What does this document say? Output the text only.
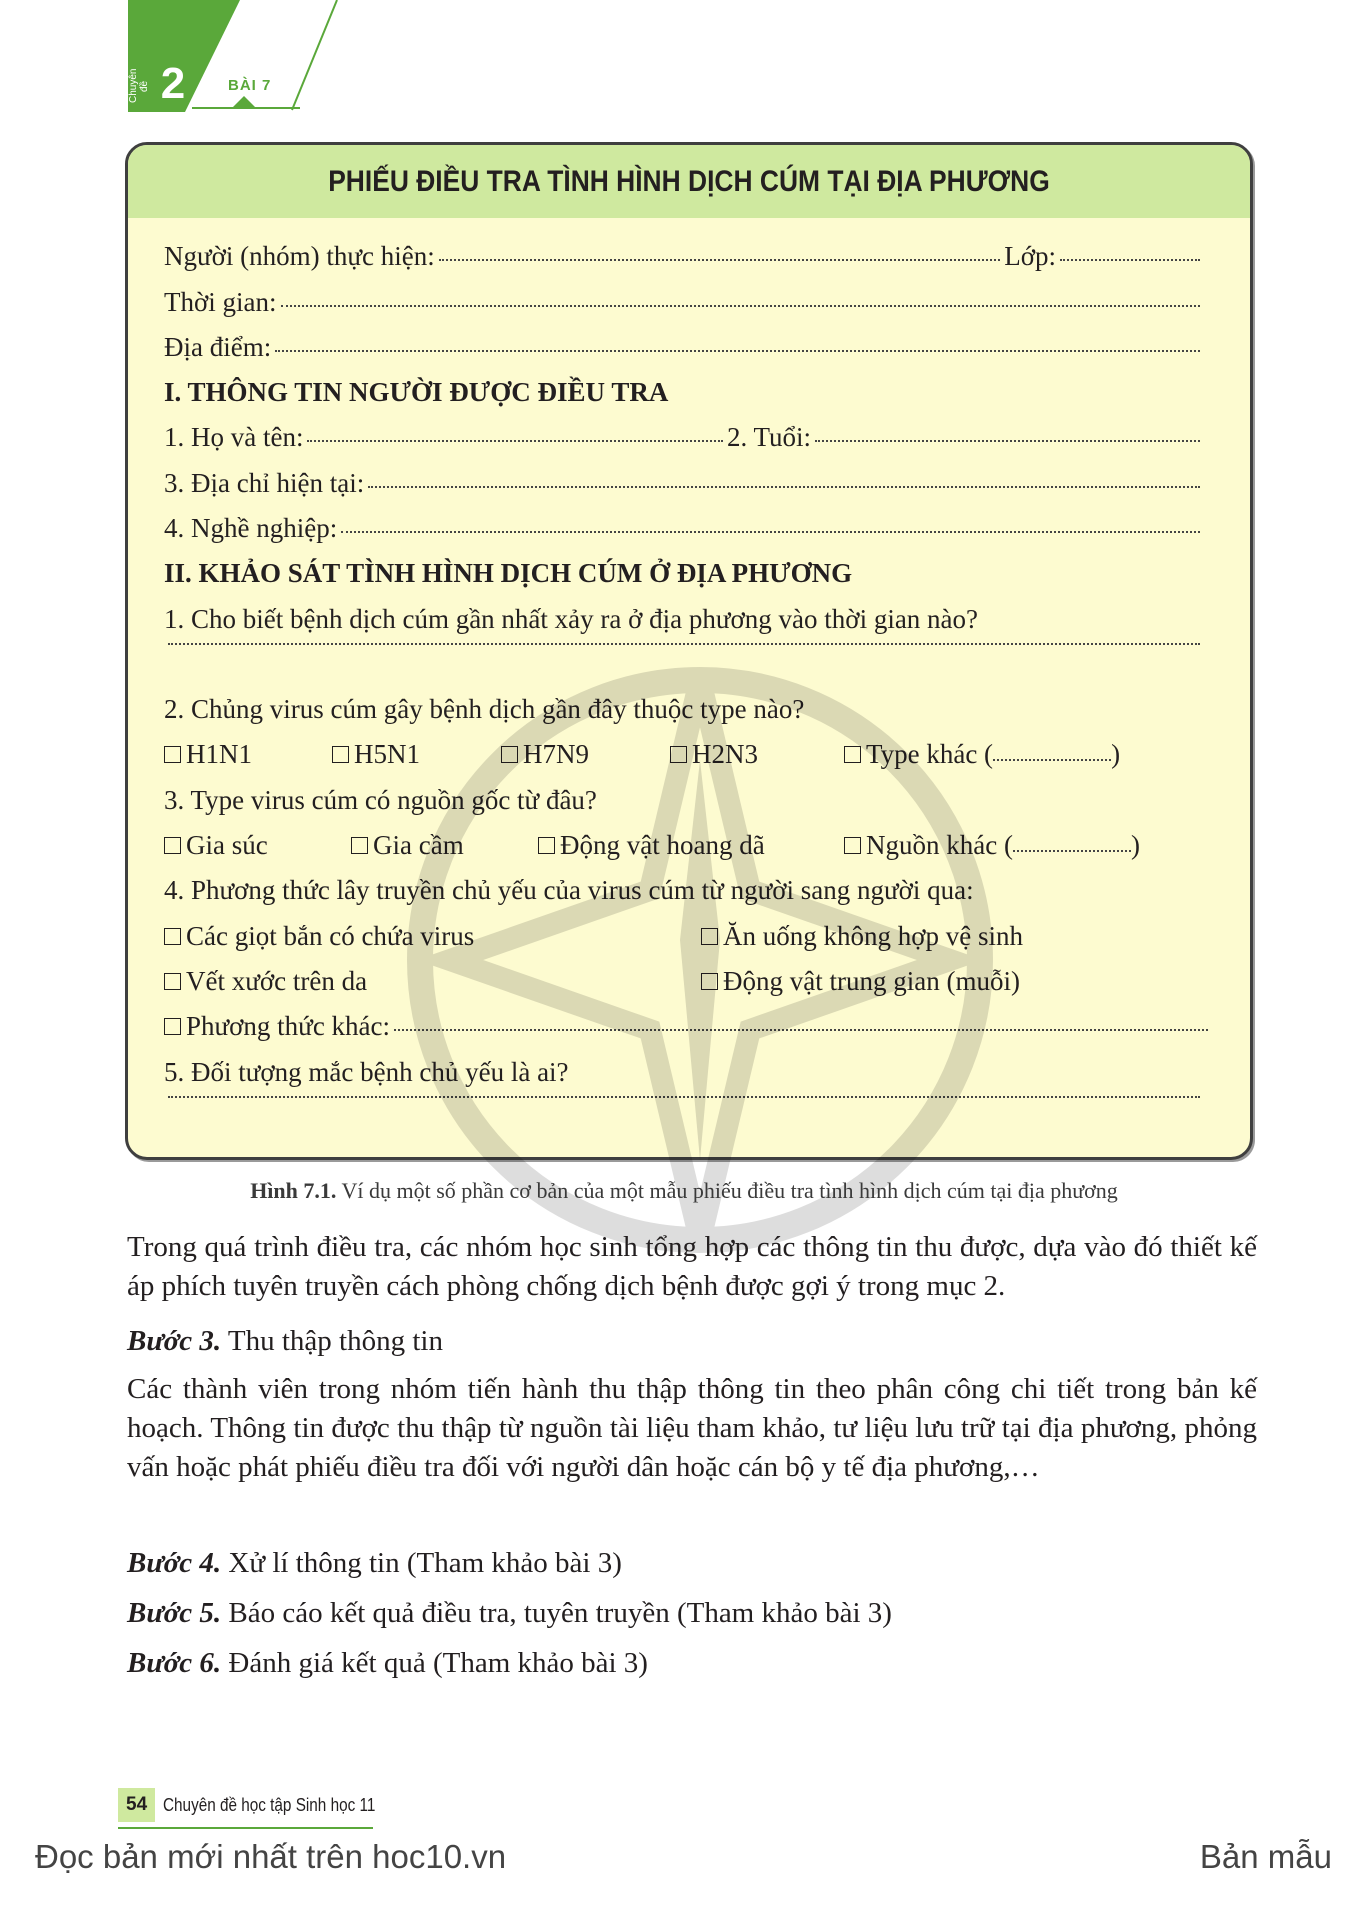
Chuyên đề 2	BÀI 7
PHIẾU ĐIỀU TRA TÌNH HÌNH DỊCH CÚM TẠI ĐỊA PHƯƠNG
Người (nhóm) thực hiện:	Lớp:
Thời gian:
Địa điểm:
I. THÔNG TIN NGƯỜI ĐƯỢC ĐIỀU TRA
1. Họ và tên:	2. Tuổi:
3. Địa chỉ hiện tại:
4. Nghề nghiệp:
II. KHẢO SÁT TÌNH HÌNH DỊCH CÚM Ở ĐỊA PHƯƠNG
1. Cho biết bệnh dịch cúm gần nhất xảy ra ở địa phương vào thời gian nào?
2. Chủng virus cúm gây bệnh dịch gần đây thuộc type nào?
H1N1	H5N1	H7N9	H2N3	Type khác (	)
3. Type virus cúm có nguồn gốc từ đâu?
Gia súc	Gia cầm	Động vật hoang dã	Nguồn khác (	)
4. Phương thức lây truyền chủ yếu của virus cúm từ người sang người qua:
Các giọt bắn có chứa virus	Ăn uống không hợp vệ sinh
Vết xước trên da	Động vật trung gian (muỗi)
Phương thức khác:
5. Đối tượng mắc bệnh chủ yếu là ai?
Hình 7.1. Ví dụ một số phần cơ bản của một mẫu phiếu điều tra tình hình dịch cúm tại địa phương
Trong quá trình điều tra, các nhóm học sinh tổng hợp các thông tin thu được, dựa vào đó thiết kế áp phích tuyên truyền cách phòng chống dịch bệnh được gợi ý trong mục 2.
Bước 3. Thu thập thông tin
Các thành viên trong nhóm tiến hành thu thập thông tin theo phân công chi tiết trong bản kế hoạch. Thông tin được thu thập từ nguồn tài liệu tham khảo, tư liệu lưu trữ tại địa phương, phỏng vấn hoặc phát phiếu điều tra đối với người dân hoặc cán bộ y tế địa phương,…
Bước 4. Xử lí thông tin (Tham khảo bài 3)
Bước 5. Báo cáo kết quả điều tra, tuyên truyền (Tham khảo bài 3)
Bước 6. Đánh giá kết quả (Tham khảo bài 3)
54 Chuyên đề học tập Sinh học 11
Đọc bản mới nhất trên hoc10.vn	Bản mẫu
